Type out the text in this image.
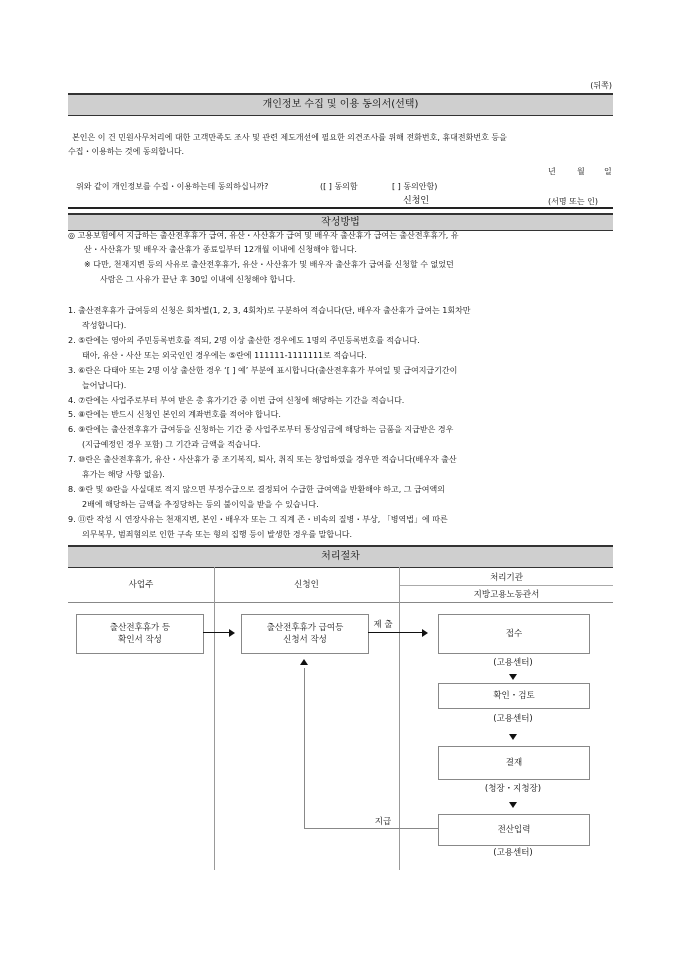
(뒤쪽)
개인정보 수집 및 이용 동의서(선택)
본인은 이 건 민원사무처리에 대한 고객만족도 조사 및 관련 제도개선에 필요한 의견조사를 위해 전화번호, 휴대전화번호 등을
수집・이용하는 것에 동의합니다.
년	월 일
위와 같이 개인정보를 수집・이용하는데 동의하십니까?	([ ] 동의함	[ ] 동의안함)
신청인	(서명 또는 인)
작성방법
◎ 고용보험에서 지급하는 출산전후휴가 급여, 유산・사산휴가 급여 및 배우자 출산휴가 급여는 출산전후휴가, 유
산・사산휴가 및 배우자 출산휴가 종료일부터 12개월 이내에 신청해야 합니다.
※ 다만, 천재지변 등의 사유로 출산전후휴가, 유산・사산휴가 및 배우자 출산휴가 급여를 신청할 수 없었던
사람은 그 사유가 끝난 후 30일 이내에 신청해야 합니다.
1. 출산전후휴가 급여등의 신청은 회차별(1, 2, 3, 4회차)로 구분하여 적습니다(단, 배우자 출산휴가 급여는 1회차만
작성합니다).
2. ⑤란에는 영아의 주민등록번호를 적되, 2명 이상 출산한 경우에도 1명의 주민등록번호를 적습니다.
태아, 유산・사산 또는 외국인인 경우에는 ⑤란에 111111-1111111로 적습니다.
3. ⑥란은 다태아 또는 2명 이상 출산한 경우 ‘[ ] 예’ 부분에 표시합니다(출산전후휴가 부여일 및 급여지급기간이
늘어납니다).
4. ⑦란에는 사업주로부터 부여 받은 총 휴가기간 중 이번 급여 신청에 해당하는 기간을 적습니다.
5. ⑧란에는 반드시 신청인 본인의 계좌번호를 적어야 합니다.
6. ⑨란에는 출산전후휴가 급여등을 신청하는 기간 중 사업주로부터 통상임금에 해당하는 금품을 지급받은 경우
(지급예정인 경우 포함) 그 기간과 금액을 적습니다.
7. ⑩란은 출산전후휴가, 유산・사산휴가 중 조기복직, 퇴사, 취직 또는 창업하였을 경우만 적습니다(배우자 출산
휴가는 해당 사항 없음).
8. ⑨란 및 ⑩란을 사실대로 적지 않으면 부정수급으로 결정되어 수급한 급여액을 반환해야 하고, 그 급여액의
2배에 해당하는 금액을 추징당하는 등의 불이익을 받을 수 있습니다.
9. ⑪란 작성 시 연장사유는 천재지변, 본인・배우자 또는 그 직계 존・비속의 질병・부상, 「병역법」에 따른
의무복무, 범죄혐의로 인한 구속 또는 형의 집행 등이 발생한 경우를 말합니다.
처리절차
사업주	신청인
처리기관
지방고용노동관서
출산전후휴가 등
확인서 작성
출산전후휴가 급여등
신청서 작성
제 출
접수
(고용센터)
확인・검토
(고용센터)
결재
(청장・지청장)
전산입력
(고용센터)
지급
